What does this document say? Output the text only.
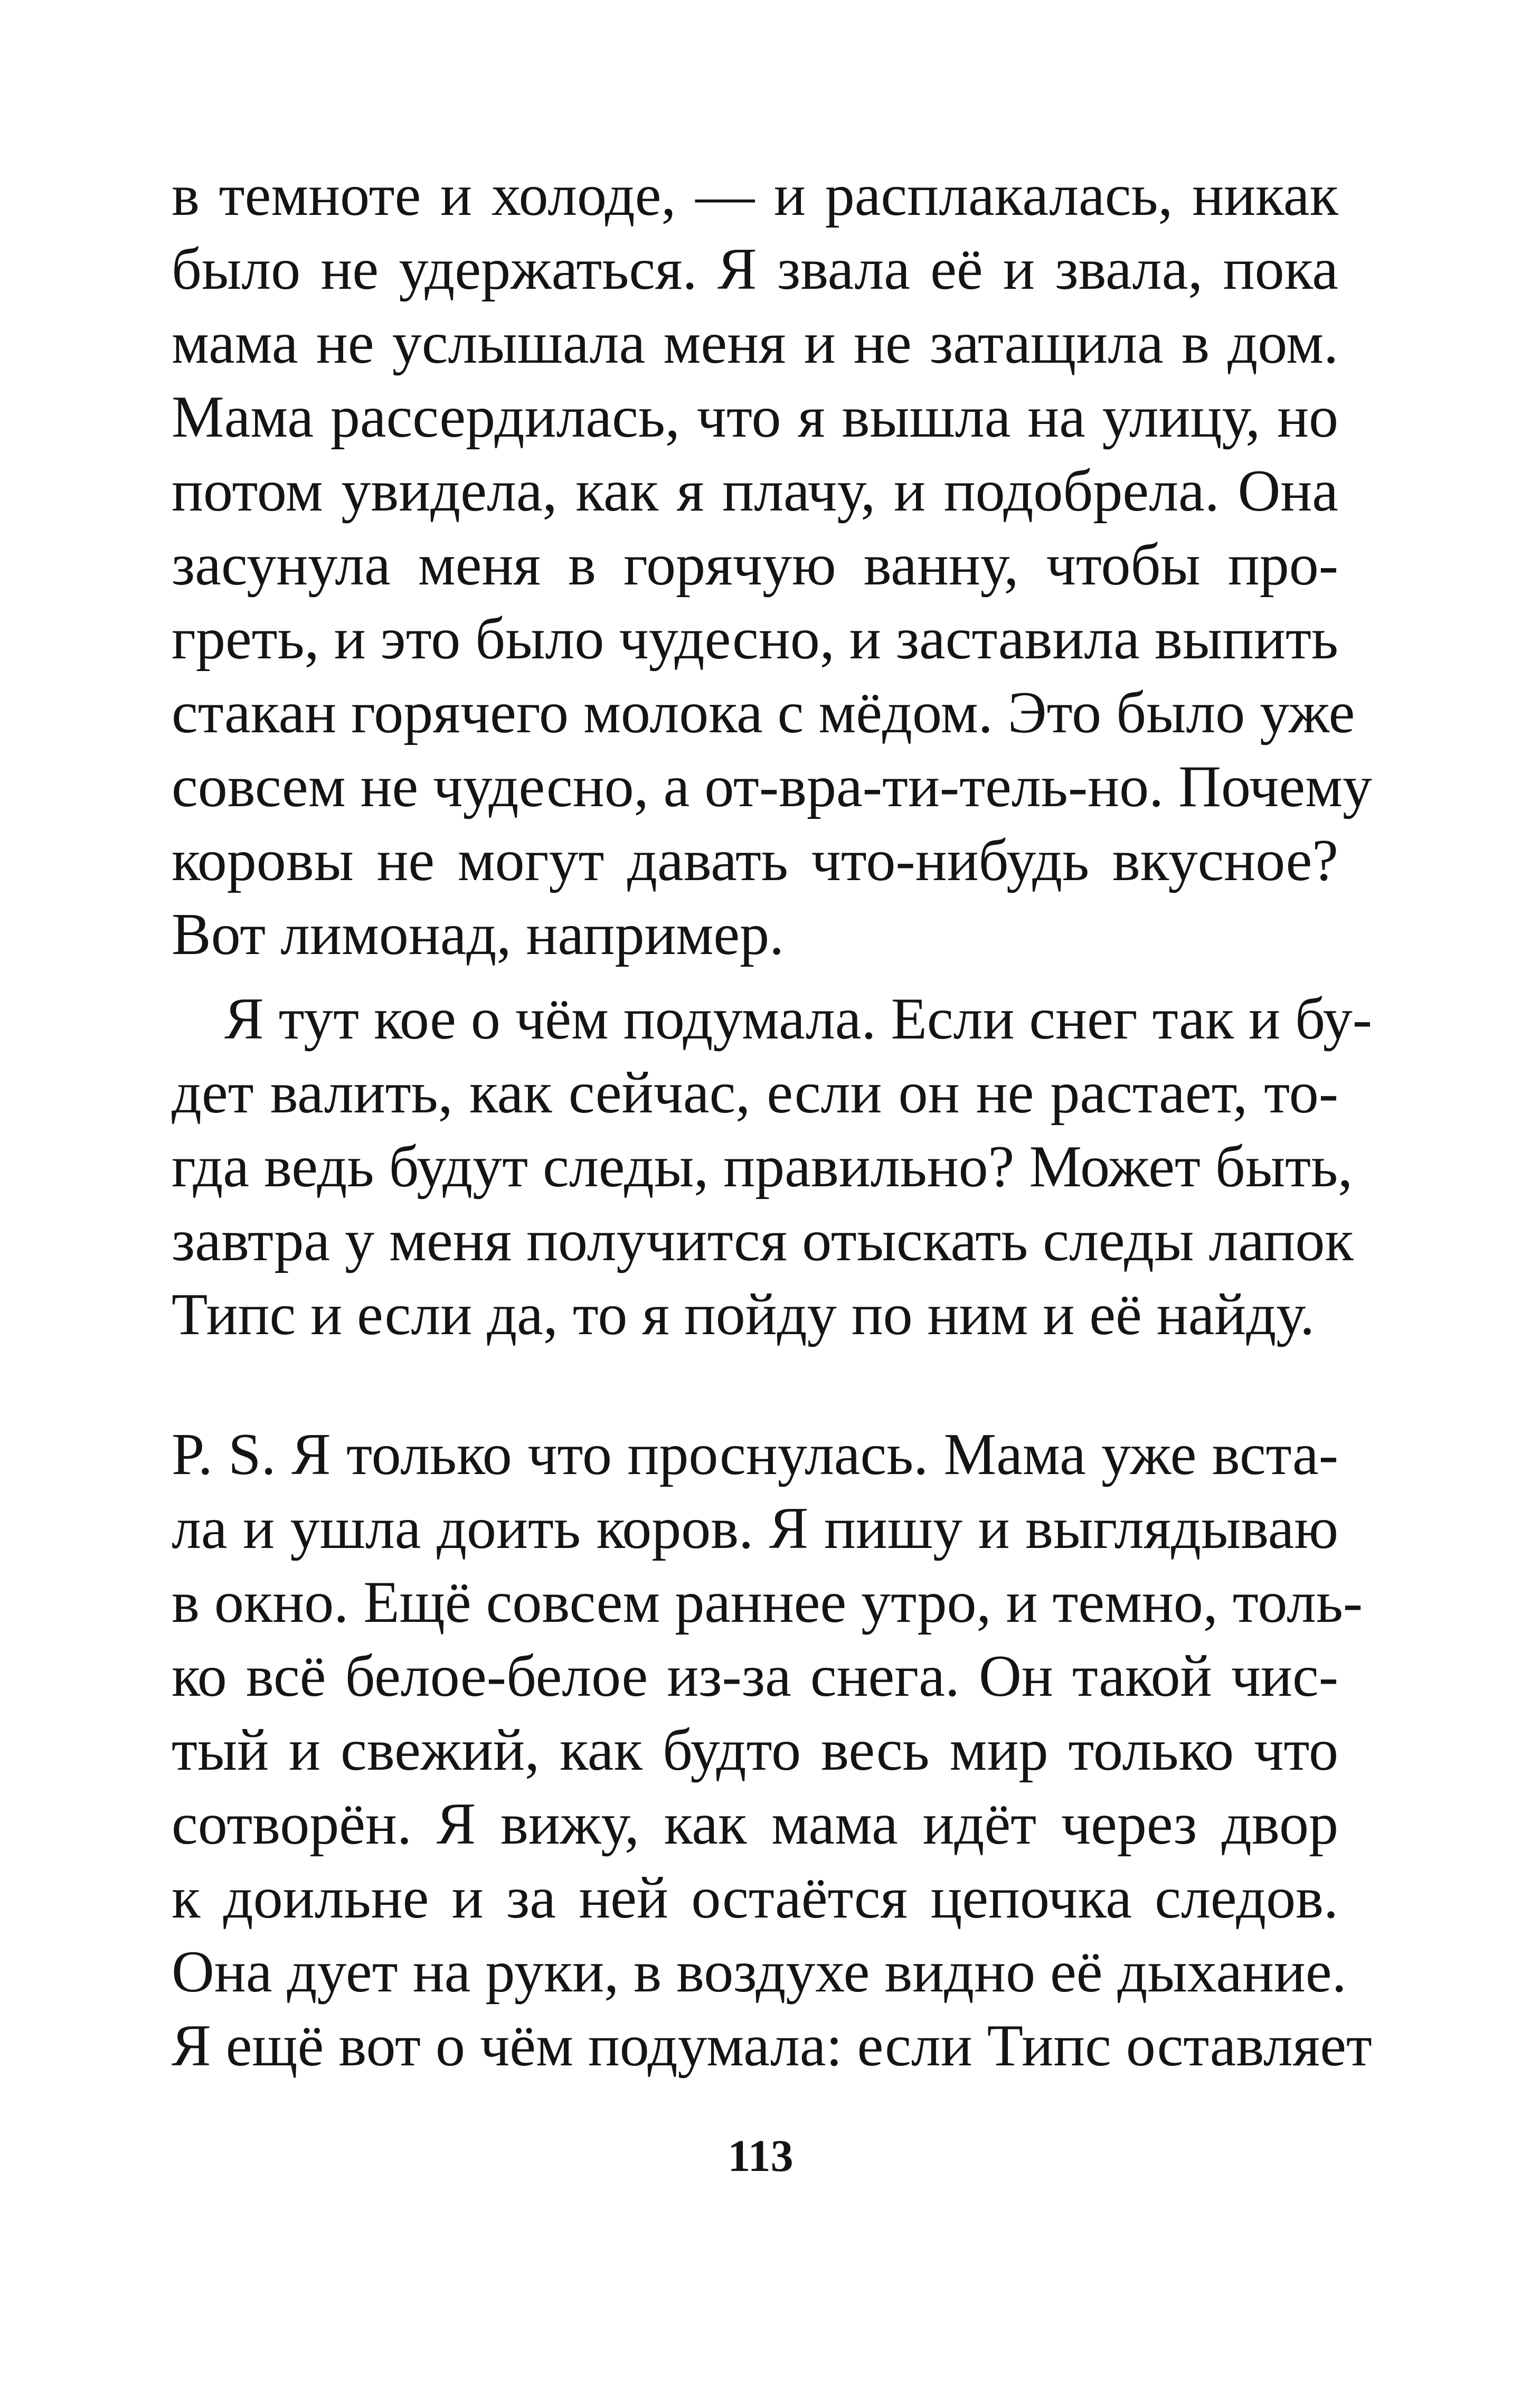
в темноте и холоде, — и расплакалась, никак
было не удержаться. Я звала её и звала, пока
мама не услышала меня и не затащила в дом.
Мама рассердилась, что я вышла на улицу, но
потом увидела, как я плачу, и подобрела. Она
засунула меня в горячую ванну, чтобы про-
греть, и это было чудесно, и заставила выпить
стакан горячего молока с мёдом. Это было уже
совсем не чудесно, а от-вра-ти-тель-но. Почему
коровы не могут давать что-нибудь вкусное?
Вот лимонад, например.
Я тут кое о чём подумала. Если снег так и бу-
дет валить, как сейчас, если он не растает, то-
гда ведь будут следы, правильно? Может быть,
завтра у меня получится отыскать следы лапок
Типс и если да, то я пойду по ним и её найду.
P. S. Я только что проснулась. Мама уже вста-
ла и ушла доить коров. Я пишу и выглядываю
в окно. Ещё совсем раннее утро, и темно, толь-
ко всё белое-белое из-за снега. Он такой чис-
тый и свежий, как будто весь мир только что
сотворён. Я вижу, как мама идёт через двор
к доильне и за ней остаётся цепочка следов.
Она дует на руки, в воздухе видно её дыхание.
Я ещё вот о чём подумала: если Типс оставляет
113
